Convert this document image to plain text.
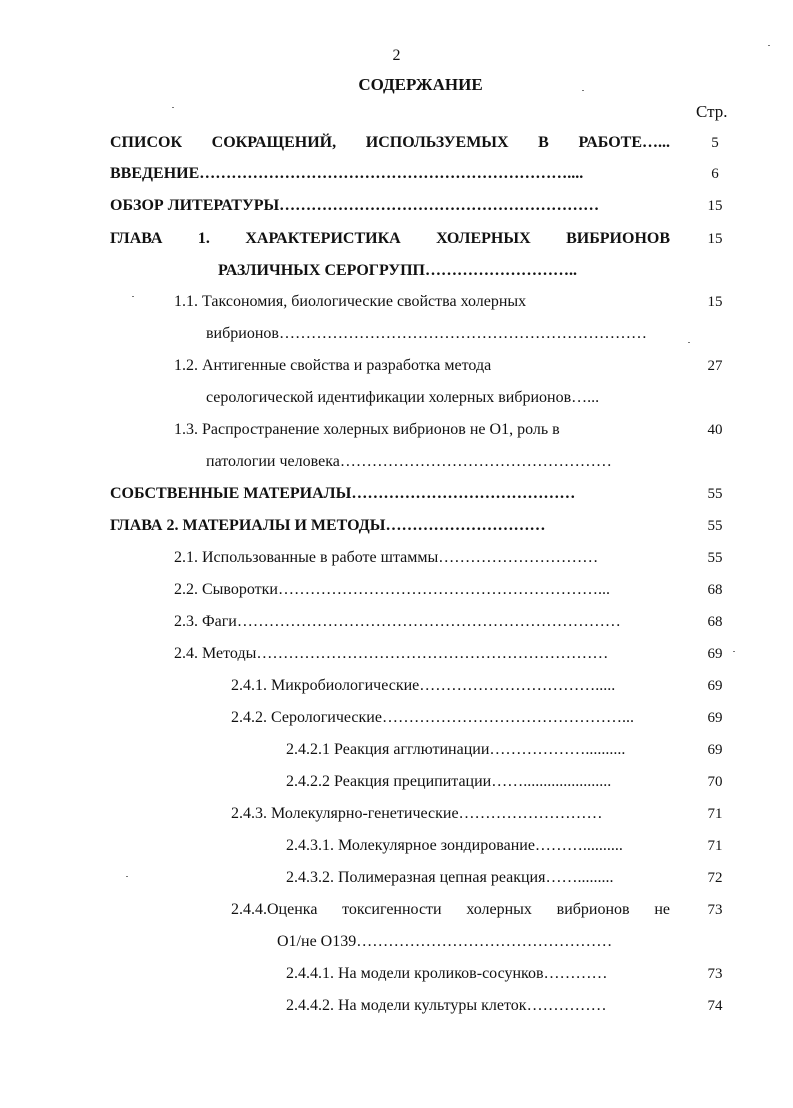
2
СОДЕРЖАНИЕ
Стр.
СПИСОК СОКРАЩЕНИЙ, ИСПОЛЬЗУЕМЫХ В РАБОТЕ…...	5
ВВЕДЕНИЕ……………………………………………………………....	6
ОБЗОР ЛИТЕРАТУРЫ……………………………………………………	15
ГЛАВА 1. ХАРАКТЕРИСТИКА ХОЛЕРНЫХ ВИБРИОНОВ	15
РАЗЛИЧНЫХ СЕРОГРУПП………………………..
1.1. Таксономия, биологические свойства холерных	15
вибрионов……………………………………………………………
1.2. Антигенные свойства и разработка метода	27
серологической идентификации холерных вибрионов…...
1.3. Распространение холерных вибрионов не О1, роль в	40
патологии человека……………………………………………
СОБСТВЕННЫЕ МАТЕРИАЛЫ……………………………………	55
ГЛАВА 2. МАТЕРИАЛЫ И МЕТОДЫ…………………………	55
2.1. Использованные в работе штаммы…………………………	55
2.2. Сыворотки……………………………………………………...	68
2.3. Фаги………………………………………………………………	68
2.4. Методы…………………………………………………………	69
2.4.1. Микробиологические…………………………….....	69
2.4.2. Серологические………………………………………...	69
2.4.2.1 Реакция агглютинации………………..........	69
2.4.2.2 Реакция преципитации……......................	70
2.4.3. Молекулярно-генетические………………………	71
2.4.3.1. Молекулярное зондирование………..........	71
2.4.3.2. Полимеразная цепная реакция…….........	72
2.4.4.Оценка токсигенности холерных вибрионов не	73
О1/не О139…………………………………………
2.4.4.1. На модели кроликов-сосунков…………	73
2.4.4.2. На модели культуры клеток……………	74
